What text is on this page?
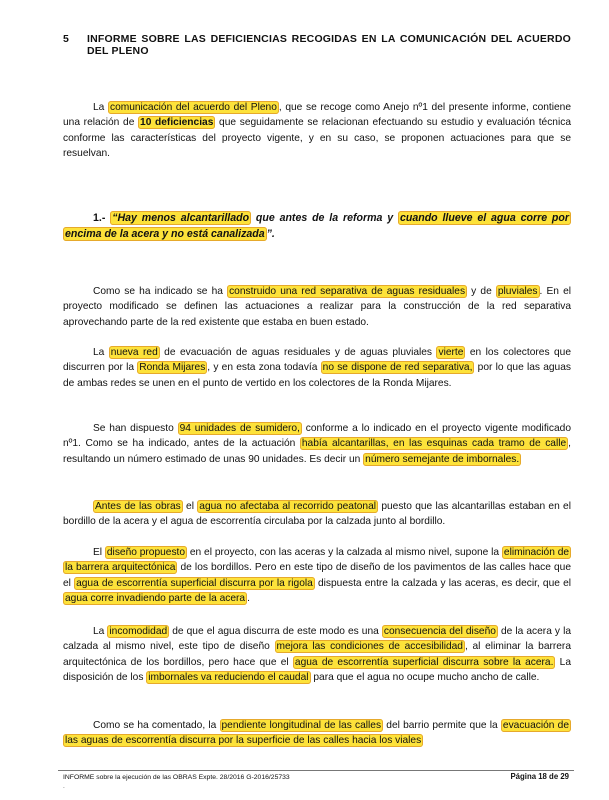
5	INFORME SOBRE LAS DEFICIENCIAS RECOGIDAS EN LA COMUNICACIÓN DEL ACUERDO DEL PLENO

La comunicación del acuerdo del Pleno , que se recoge como Anejo nº1 del presente informe, contiene una relación de 10 deficiencias que seguidamente se relacionan efectuando su estudio y evaluación técnica conforme las características del proyecto vigente, y en su caso, se proponen actuaciones para que se resuelvan.

1.- “Hay menos alcantarillado que antes de la reforma y cuando llueve el agua corre por encima de la acera y no está canalizada ”.

Como se ha indicado se ha construido una red separativa de aguas residuales y de pluviales . En el proyecto modificado se definen las actuaciones a realizar para la construcción de la red separativa aprovechando parte de la red existente que estaba en buen estado.

La nueva red de evacuación de aguas residuales y de aguas pluviales vierte en los colectores que discurren por la Ronda Mijares , y en esta zona todavía no se dispone de red separativa, por lo que las aguas de ambas redes se unen en el punto de vertido en los colectores de la Ronda Mijares.

Se han dispuesto 94 unidades de sumidero, conforme a lo indicado en el proyecto vigente modificado nº1. Como se ha indicado, antes de la actuación había alcantarillas, en las esquinas cada tramo de calle , resultando un número estimado de unas 90 unidades. Es decir un número semejante de imbornales.

Antes de las obras el agua no afectaba al recorrido peatonal puesto que las alcantarillas estaban en el bordillo de la acera y el agua de escorrentía circulaba por la calzada junto al bordillo.

El diseño propuesto en el proyecto, con las aceras y la calzada al mismo nivel, supone la eliminación de la barrera arquitectónica de los bordillos. Pero en este tipo de diseño de los pavimentos de las calles hace que el agua de escorrentía superficial discurra por la rigola dispuesta entre la calzada y las aceras, es decir, que el agua corre invadiendo parte de la acera .

La incomodidad de que el agua discurra de este modo es una consecuencia del diseño de la acera y la calzada al mismo nivel, este tipo de diseño mejora las condiciones de accesibilidad , al eliminar la barrera arquitectónica de los bordillos, pero hace que el agua de escorrentía superficial discurra sobre la acera. La disposición de los imbornales va reduciendo el caudal para que el agua no ocupe mucho ancho de calle.

Como se ha comentado, la pendiente longitudinal de las calles del barrio permite que la evacuación de las aguas de escorrentía discurra por la superficie de las calles hacia los viales

INFORME sobre la ejecución de las OBRAS Expte. 28/2016 G-2016/25733	Página 18 de 29
-
